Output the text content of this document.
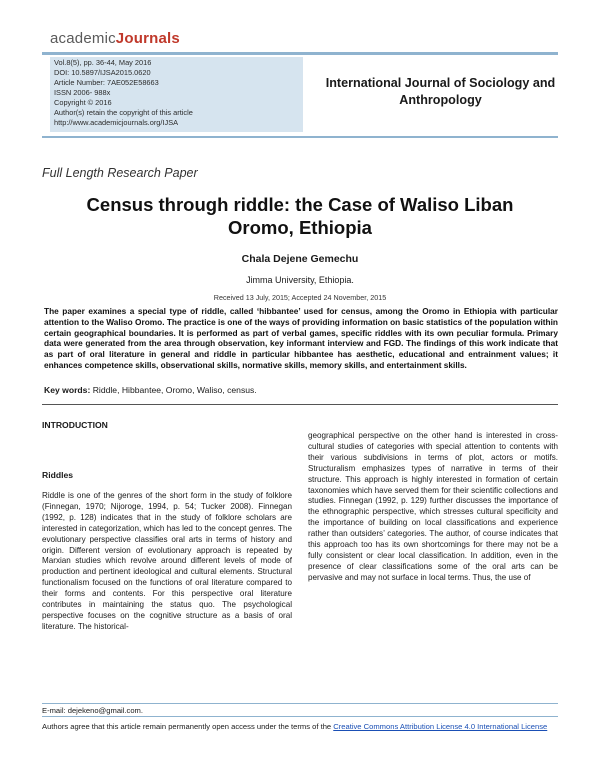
academicJournals
Vol.8(5), pp. 36-44, May 2016
DOI: 10.5897/IJSA2015.0620
Article Number: 7AE052E58663
ISSN 2006- 988x
Copyright © 2016
Author(s) retain the copyright of this article
http://www.academicjournals.org/IJSA
International Journal of Sociology and
Anthropology
Full Length Research Paper
Census through riddle: the Case of Waliso Liban
Oromo, Ethiopia
Chala Dejene Gemechu
Jimma University, Ethiopia.
Received 13 July, 2015; Accepted 24 November, 2015
The paper examines a special type of riddle, called ‘hibbantee’ used for census, among the Oromo in Ethiopia with particular attention to the Waliso Oromo. The practice is one of the ways of providing information on basic statistics of the population within certain geographical boundaries. It is performed as part of verbal games, specific riddles with its own peculiar formula. Primary data were generated from the area through observation, key informant interview and FGD. The findings of this work indicate that as part of oral literature in general and riddle in particular hibbantee has aesthetic, educational and entrainment values; it enhances competence skills, observational skills, normative skills, memory skills, and entertainment skills.
Key words: Riddle, Hibbantee, Oromo, Waliso, census.
INTRODUCTION
Riddles
Riddle is one of the genres of the short form in the study of folklore (Finnegan, 1970; Nijoroge, 1994, p. 54; Tucker 2008). Finnegan (1992, p. 128) indicates that in the study of folklore scholars are interested in categorization, which has led to the concept genres. The evolutionary perspective classifies oral arts in terms of history and origin. Different version of evolutionary approach is repeated by Marxian studies which revolve around different levels of mode of production and pertinent ideological and cultural elements. Structural functionalism focused on the functions of oral literature compared to their forms and contents. For this perspective oral literature contributes in maintaining the status quo. The psychological perspective focuses on the cognitive structure as a basis of oral literature. The historical-
geographical perspective on the other hand is interested in cross-cultural studies of categories with special attention to contents with their various subdivisions in terms of plot, actors or motifs. Structuralism emphasizes types of narrative in terms of their structure. This approach is highly interested in formation of certain taxonomies which have served them for their scientific collections and studies. Finnegan (1992, p. 129) further discusses the importance of the ethnographic perspective, which stresses cultural specificity and the importance of building on local classifications and experience rather than outsiders’ categories. The author, of course indicates that this approach too has its own shortcomings for there may not be a fully consistent or clear local classification. In addition, even in the presence of clear classifications some of the oral arts can be pervasive and may not surface in local terms. Thus, the use of
E-mail: dejekeno@gmail.com.
Authors agree that this article remain permanently open access under the terms of the Creative Commons Attribution License 4.0 International License
